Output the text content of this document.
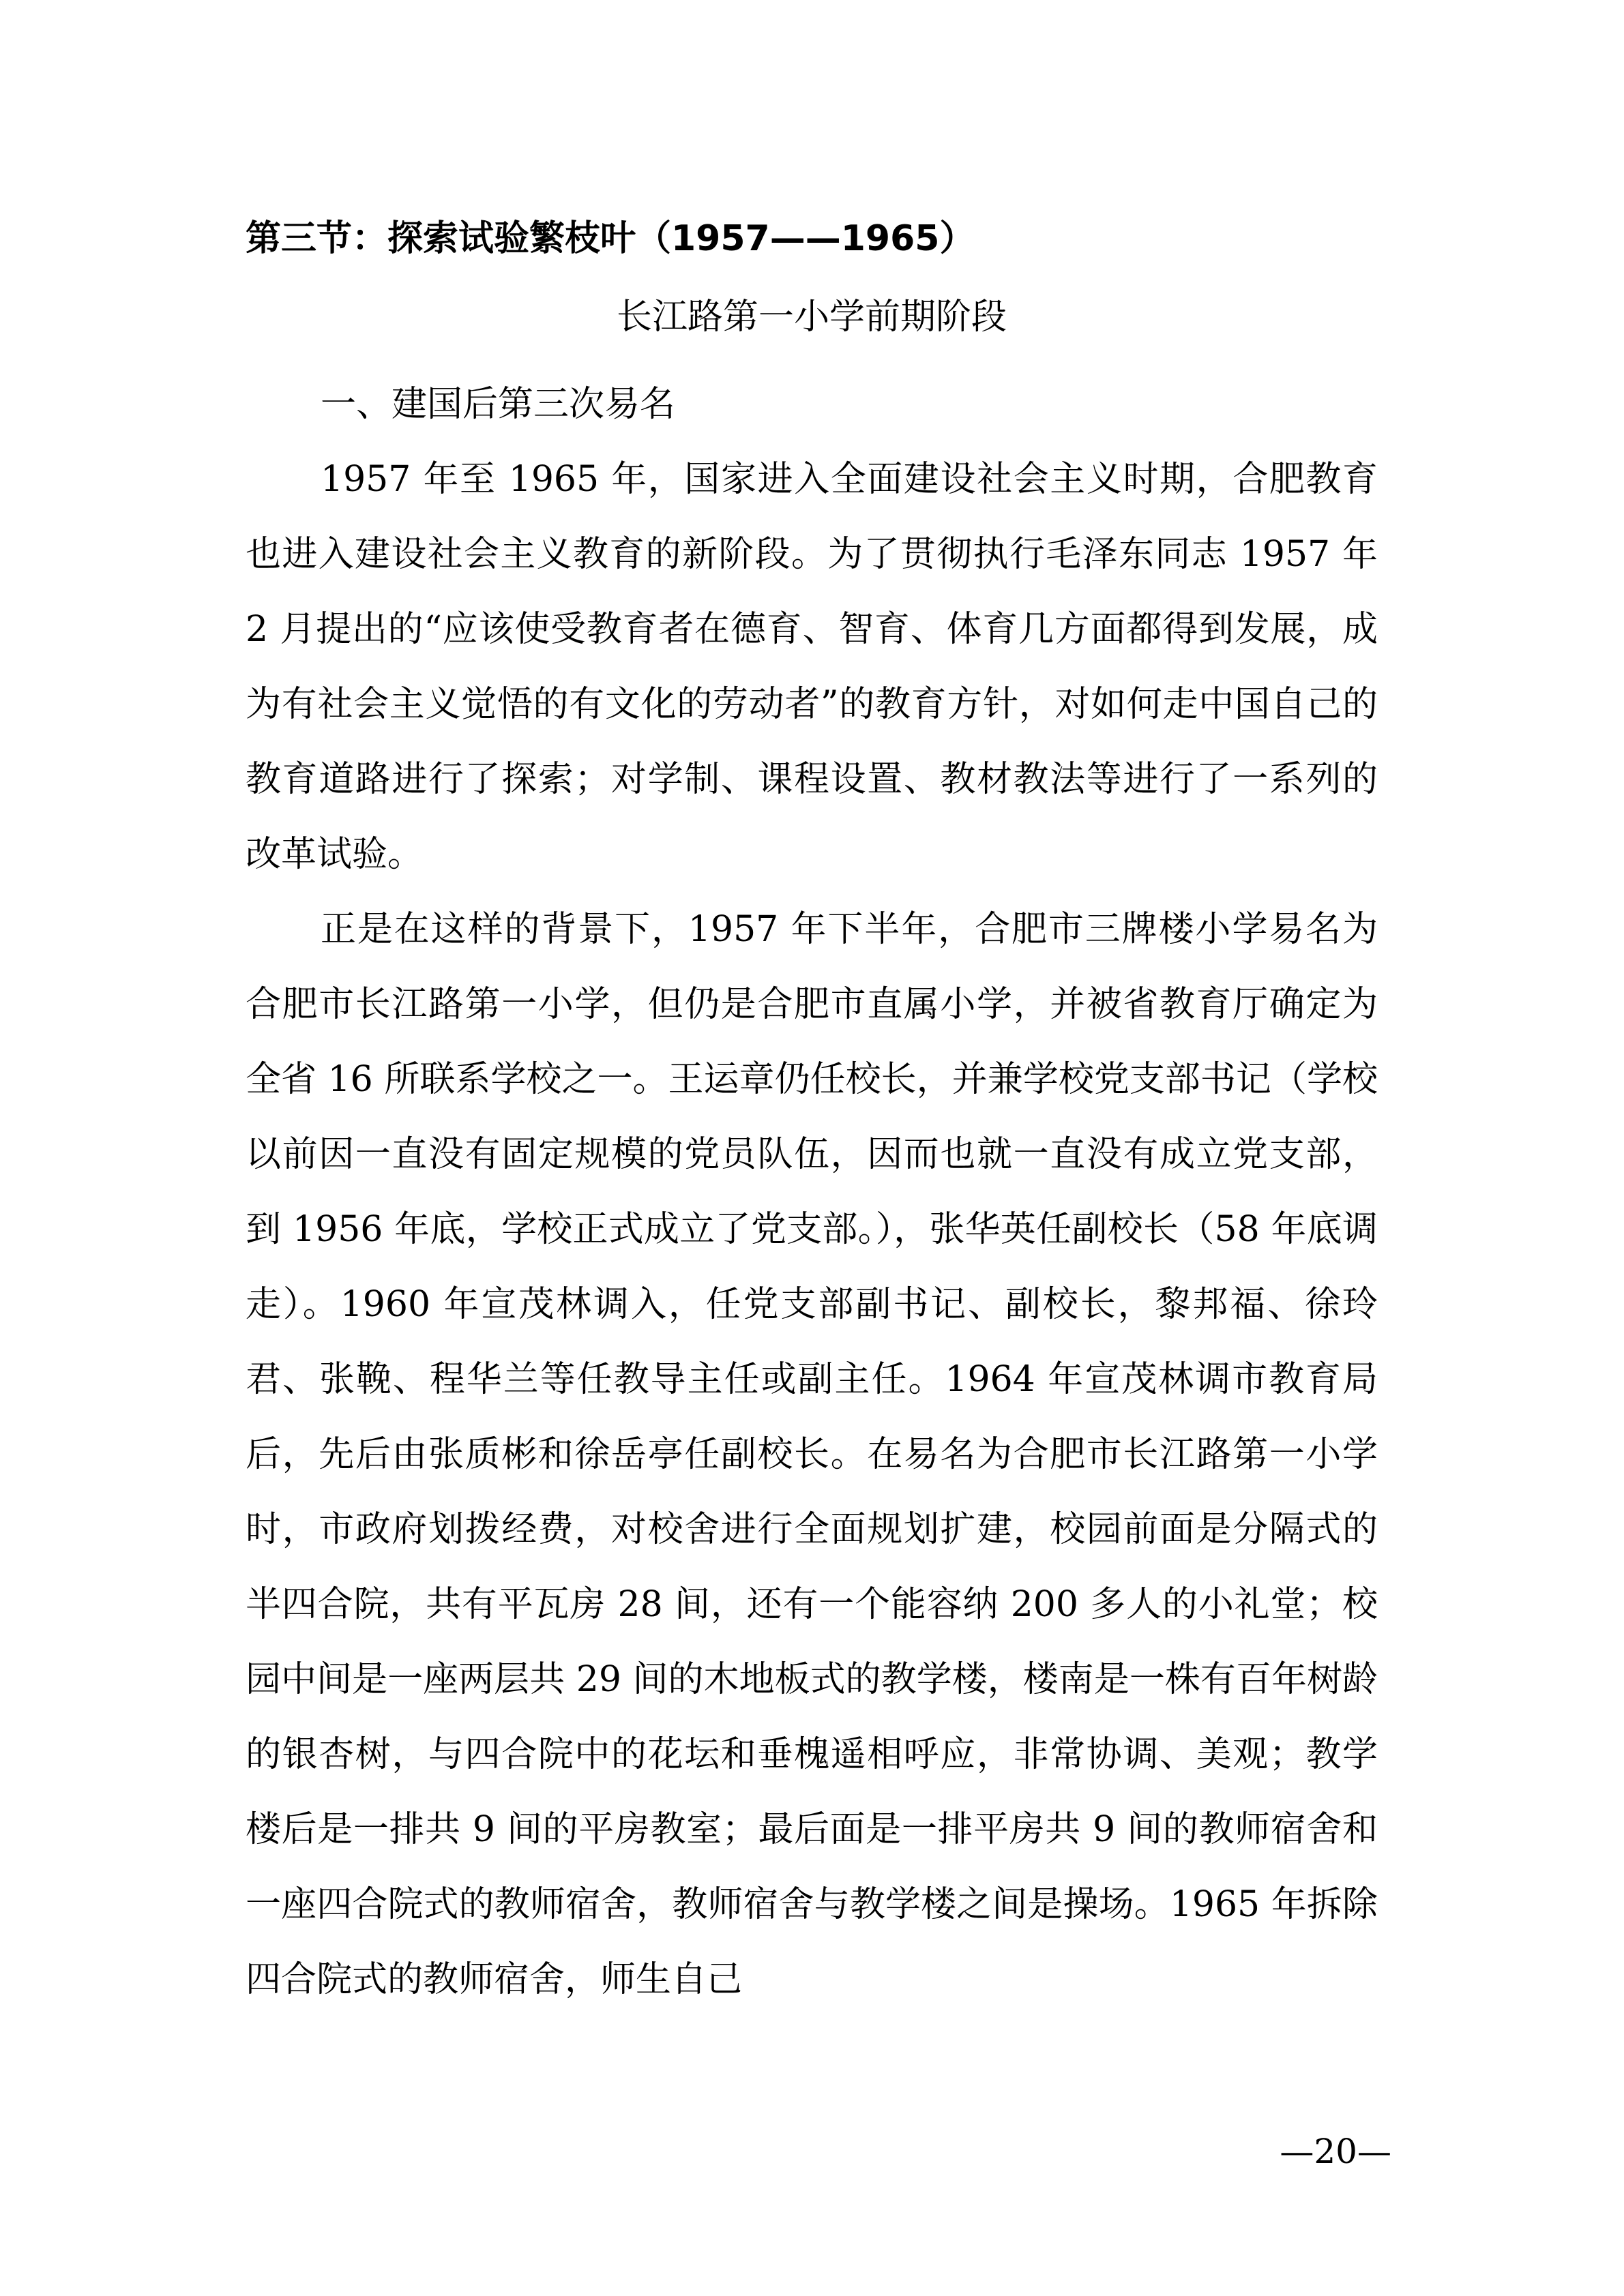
第三节：探索试验繁枝叶（1957——1965）
长江路第一小学前期阶段

一、建国后第三次易名

1957 年至 1965 年，国家进入全面建设社会主义时期，合肥教育也进入建设社会主义教育的新阶段。为了贯彻执行毛泽东同志 1957 年 2 月提出的“应该使受教育者在德育、智育、体育几方面都得到发展，成为有社会主义觉悟的有文化的劳动者”的教育方针，对如何走中国自己的教育道路进行了探索；对学制、课程设置、教材教法等进行了一系列的改革试验。

正是在这样的背景下，1957 年下半年，合肥市三牌楼小学易名为合肥市长江路第一小学，但仍是合肥市直属小学，并被省教育厅确定为全省 16 所联系学校之一。王运章仍任校长，并兼学校党支部书记（学校以前因一直没有固定规模的党员队伍，因而也就一直没有成立党支部，到 1956 年底，学校正式成立了党支部。），张华英任副校长（58 年底调走）。1960 年宣茂林调入，任党支部副书记、副校长，黎邦福、徐玲君、张鞔、程华兰等任教导主任或副主任。1964 年宣茂林调市教育局后，先后由张质彬和徐岳亭任副校长。在易名为合肥市长江路第一小学时，市政府划拨经费，对校舍进行全面规划扩建，校园前面是分隔式的半四合院，共有平瓦房 28 间，还有一个能容纳 200 多人的小礼堂；校园中间是一座两层共 29 间的木地板式的教学楼，楼南是一株有百年树龄的银杏树，与四合院中的花坛和垂槐遥相呼应，非常协调、美观；教学楼后是一排共 9 间的平房教室；最后面是一排平房共 9 间的教师宿舍和一座四合院式的教师宿舍，教师宿舍与教学楼之间是操场。1965 年拆除四合院式的教师宿舍，师生自己

—20—
